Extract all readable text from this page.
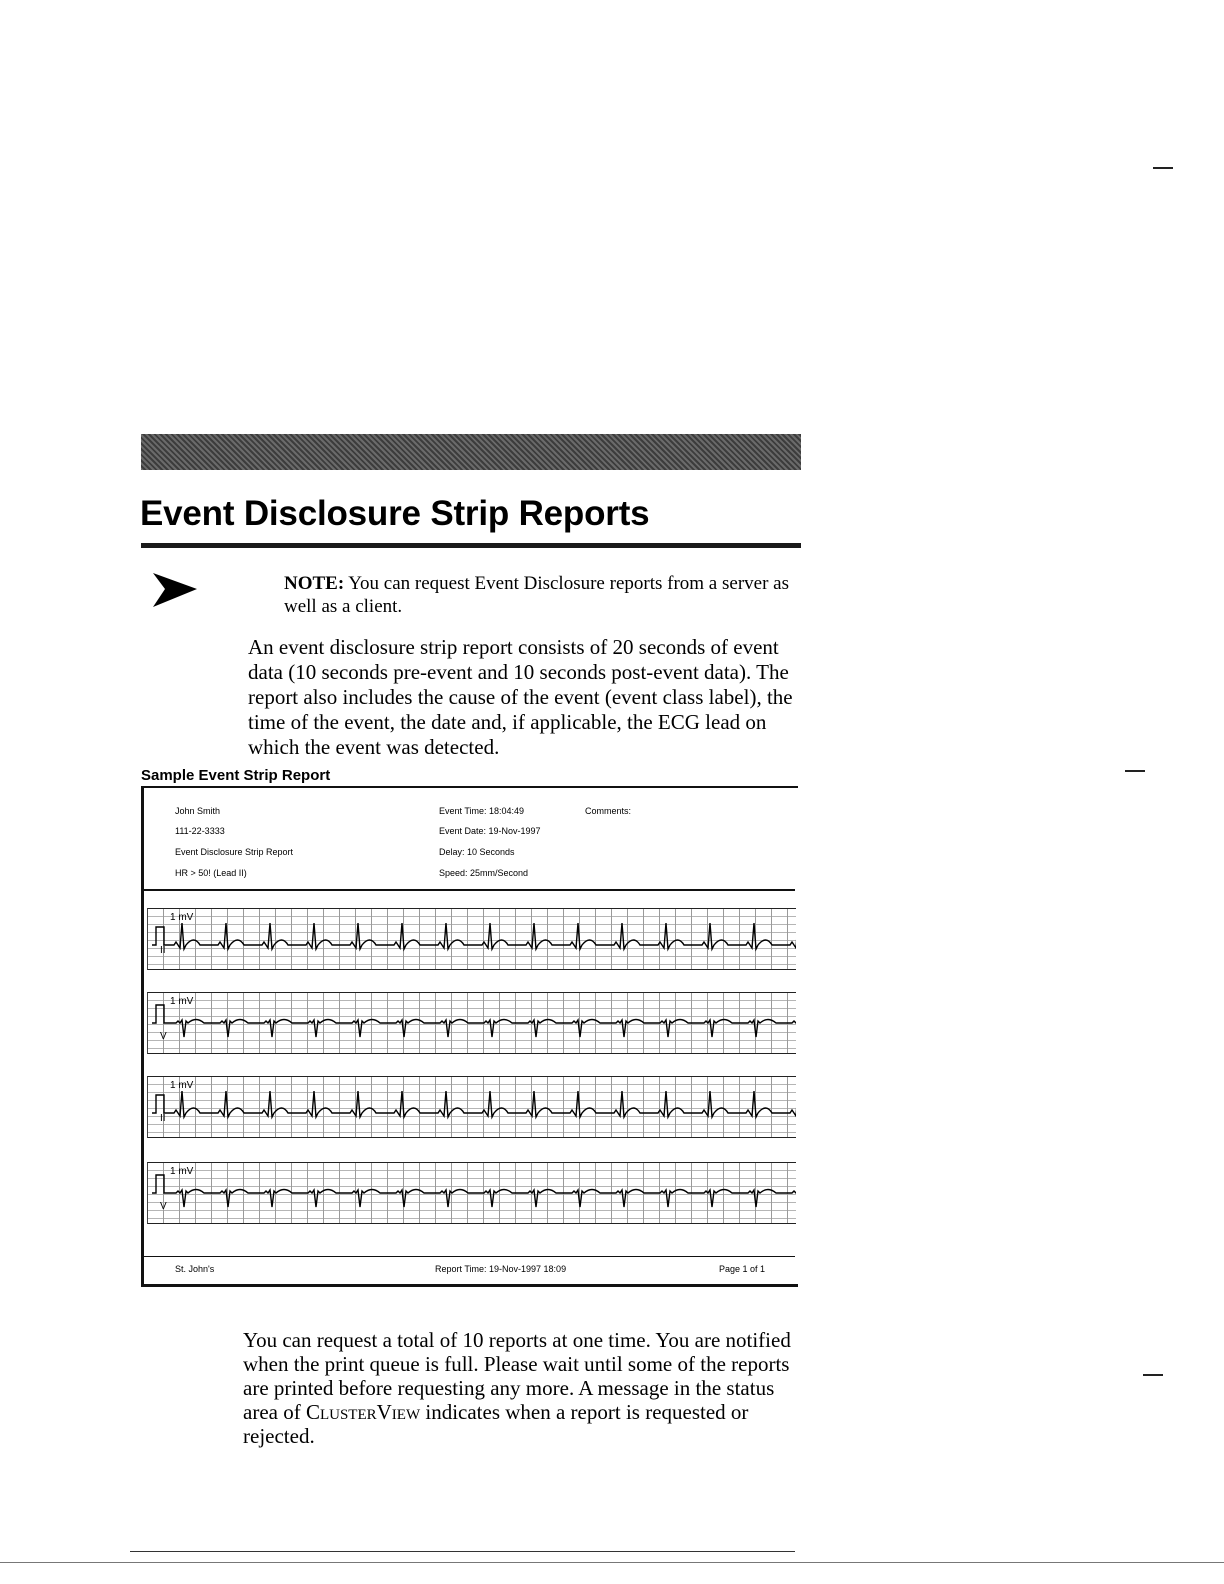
Event Disclosure Strip Reports
NOTE: You can request Event Disclosure reports from a server as well as a client.
An event disclosure strip report consists of 20 seconds of event data (10 seconds pre-event and 10 seconds post-event data). The report also includes the cause of the event (event class label), the time of the event, the date and, if applicable, the ECG lead on which the event was detected.
Sample Event Strip Report
John Smith
111-22-3333
Event Disclosure Strip Report
HR > 50! (Lead II)
Event Time: 18:04:49
Event Date: 19-Nov-1997
Delay: 10 Seconds
Speed: 25mm/Second
Comments:
1 mV
II
1 mV
V
1 mV
II
1 mV
V
St. John's	Report Time: 19-Nov-1997 18:09	Page 1 of 1
You can request a total of 10 reports at one time. You are notified when the print queue is full. Please wait until some of the reports are printed before requesting any more. A message in the status area of ClusterView indicates when a report is requested or rejected.
